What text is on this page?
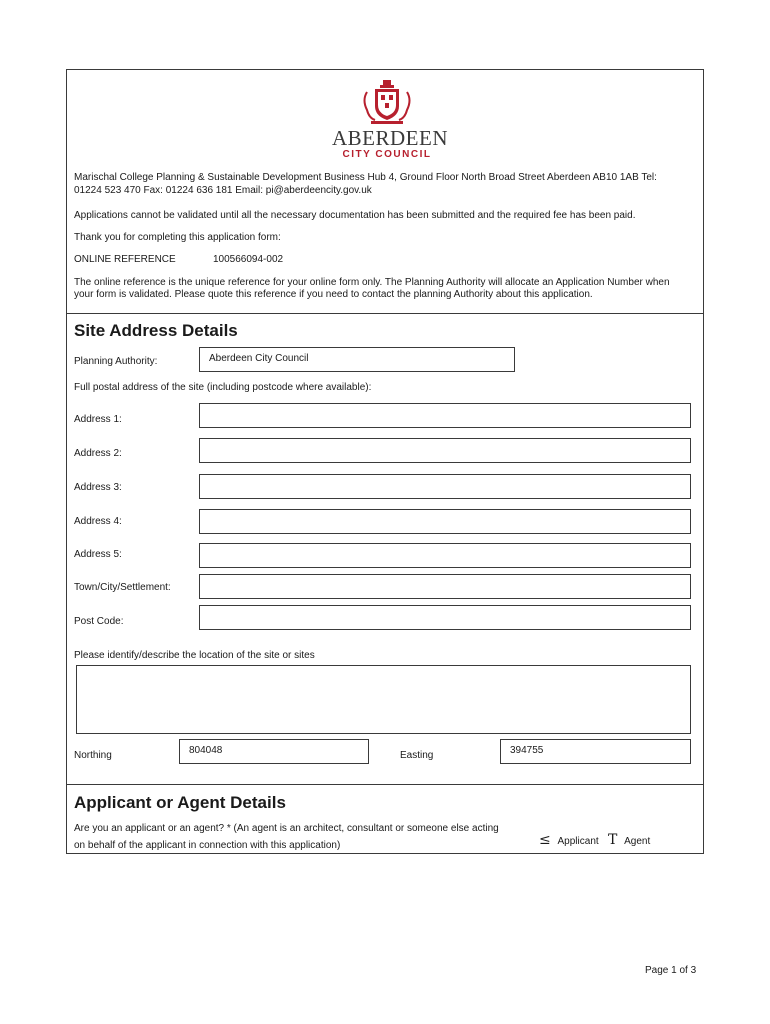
ABERDEEN
CITY COUNCIL
Marischal College Planning & Sustainable Development Business Hub 4, Ground Floor North Broad Street Aberdeen AB10 1AB Tel:
01224 523 470 Fax: 01224 636 181 Email: pi@aberdeencity.gov.uk
Applications cannot be validated until all the necessary documentation has been submitted and the required fee has been paid.
Thank you for completing this application form:
ONLINE REFERENCE	100566094-002
The online reference is the unique reference for your online form only. The Planning Authority will allocate an Application Number when
your form is validated. Please quote this reference if you need to contact the planning Authority about this application.
Site Address Details
Planning Authority:	Aberdeen City Council
Full postal address of the site (including postcode where available):
Address 1:
Address 2:
Address 3:
Address 4:
Address 5:
Town/City/Settlement:
Post Code:
Please identify/describe the location of the site or sites
Northing	804048	Easting	394755
Applicant or Agent Details
Are you an applicant or an agent? * (An agent is an architect, consultant or someone else acting
on behalf of the applicant in connection with this application)	≤ Applicant T Agent
Page 1 of 3
